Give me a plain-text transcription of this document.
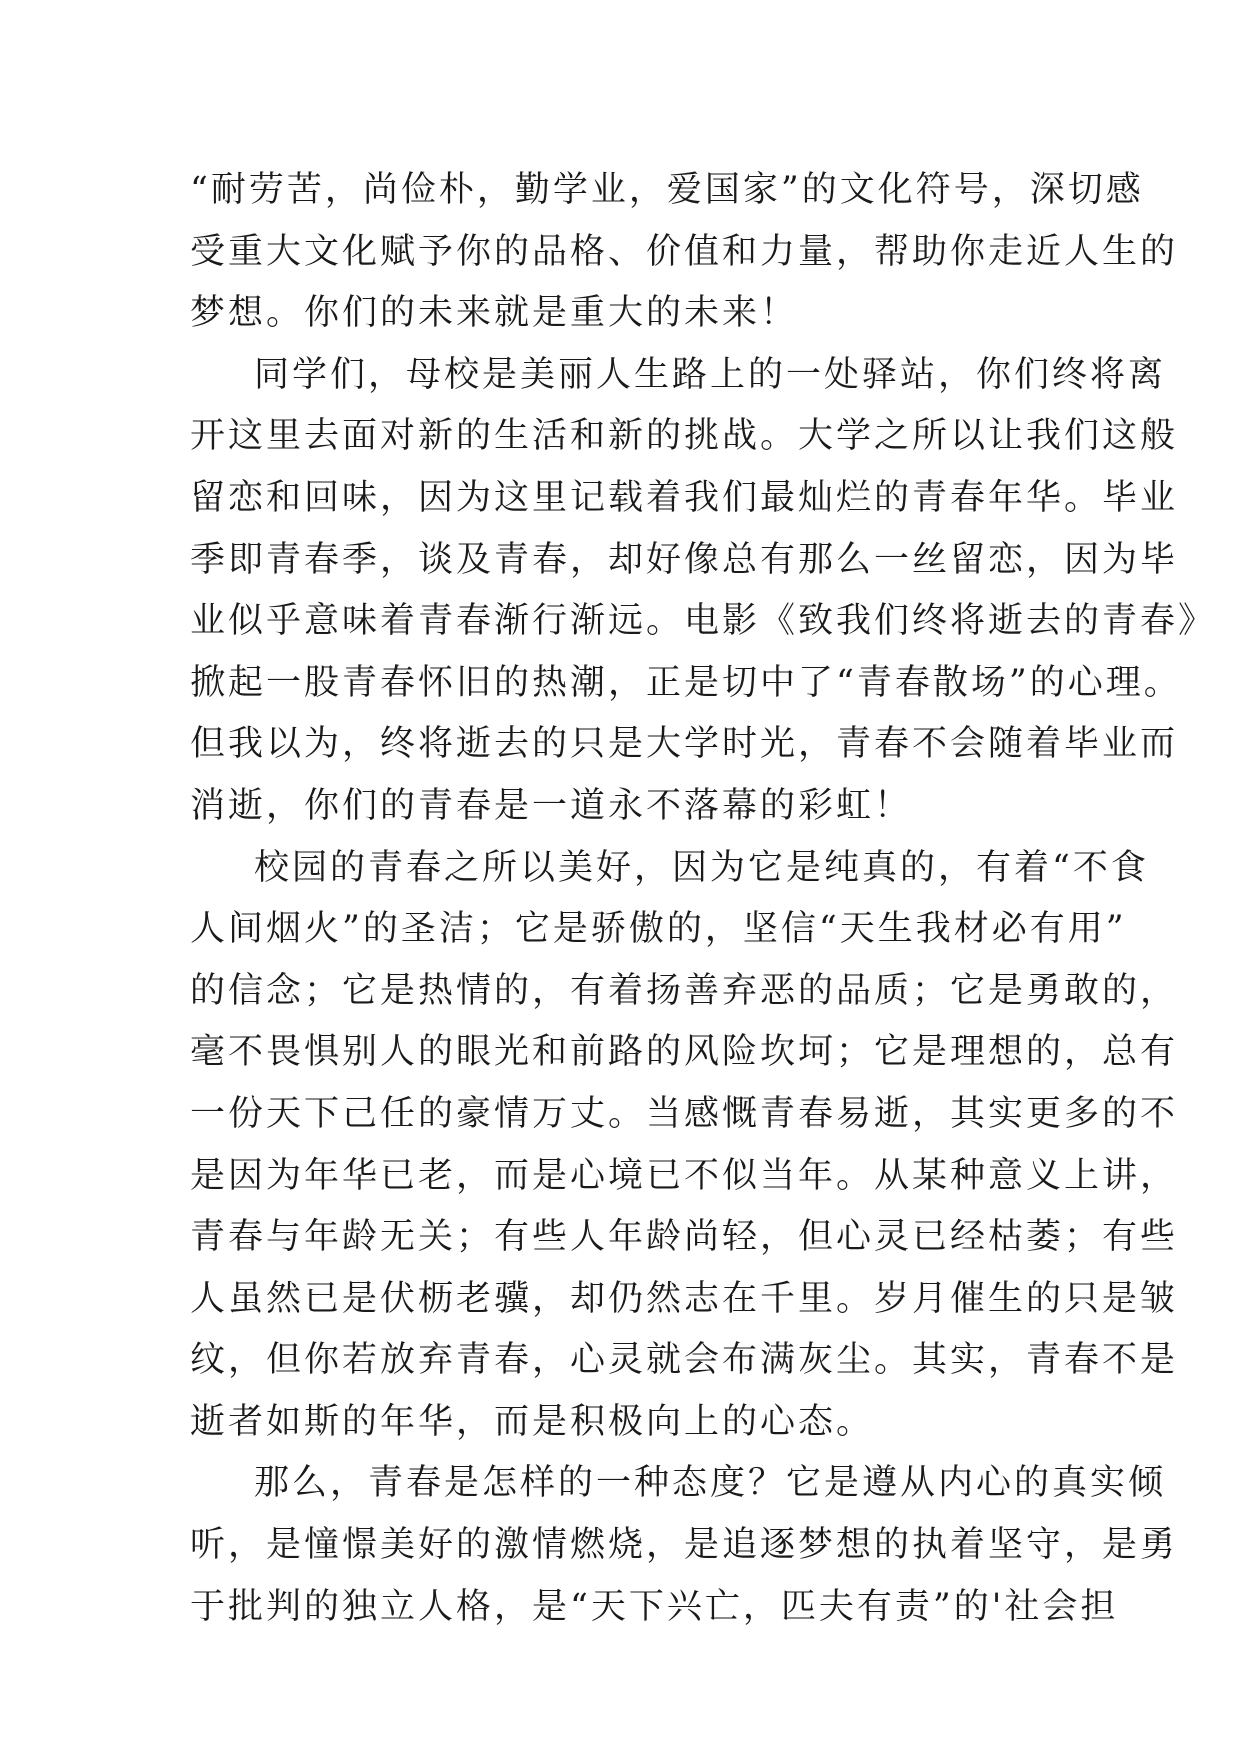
“耐劳苦，尚俭朴，勤学业，爱国家”的文化符号，深切感
受重大文化赋予你的品格、价值和力量，帮助你走近人生的
梦想。你们的未来就是重大的未来！
同学们，母校是美丽人生路上的一处驿站，你们终将离
开这里去面对新的生活和新的挑战。大学之所以让我们这般
留恋和回味，因为这里记载着我们最灿烂的青春年华。毕业
季即青春季，谈及青春，却好像总有那么一丝留恋，因为毕
业似乎意味着青春渐行渐远。电影《致我们终将逝去的青春》
掀起一股青春怀旧的热潮，正是切中了“青春散场”的心理。
但我以为，终将逝去的只是大学时光，青春不会随着毕业而
消逝，你们的青春是一道永不落幕的彩虹！
校园的青春之所以美好，因为它是纯真的，有着“不食
人间烟火”的圣洁；它是骄傲的，坚信“天生我材必有用”
的信念；它是热情的，有着扬善弃恶的品质；它是勇敢的，
毫不畏惧别人的眼光和前路的风险坎坷；它是理想的，总有
一份天下己任的豪情万丈。当感慨青春易逝，其实更多的不
是因为年华已老，而是心境已不似当年。从某种意义上讲，
青春与年龄无关；有些人年龄尚轻，但心灵已经枯萎；有些
人虽然已是伏枥老骥，却仍然志在千里。岁月催生的只是皱
纹，但你若放弃青春，心灵就会布满灰尘。其实，青春不是
逝者如斯的年华，而是积极向上的心态。
那么，青春是怎样的一种态度？它是遵从内心的真实倾
听，是憧憬美好的激情燃烧，是追逐梦想的执着坚守，是勇
于批判的独立人格，是“天下兴亡，匹夫有责”的'社会担
